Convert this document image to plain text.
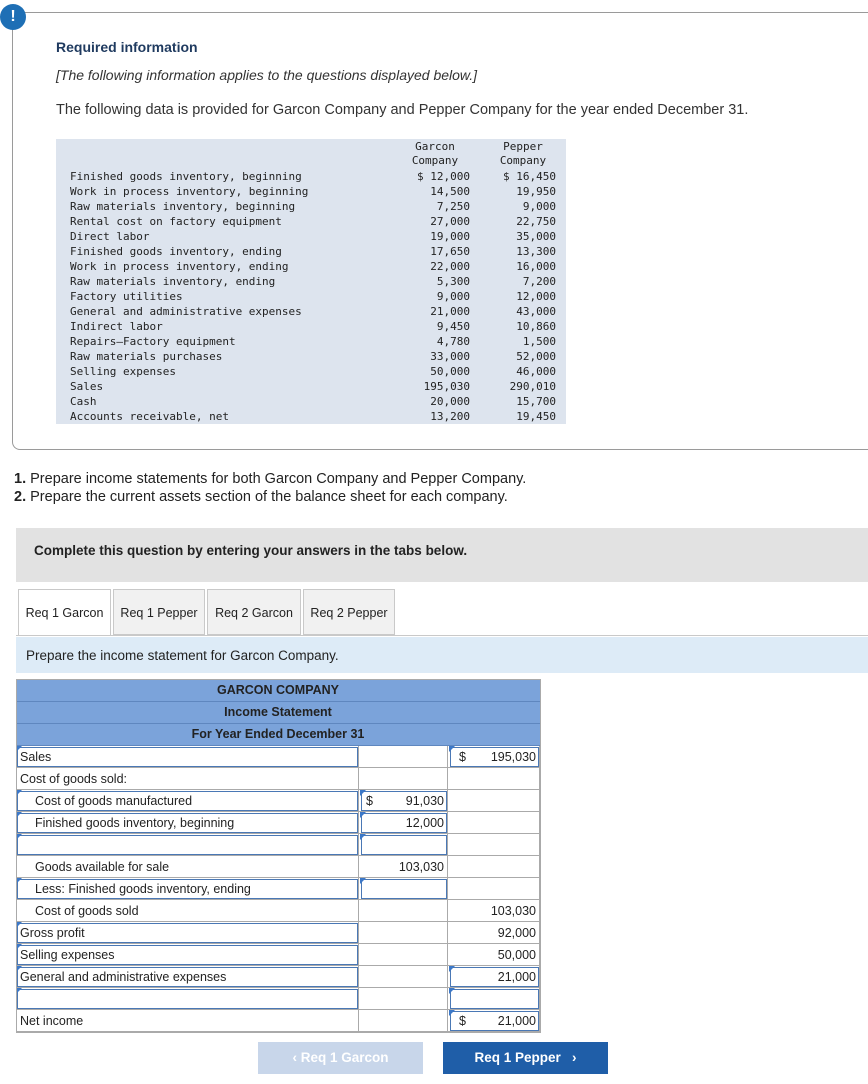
!
Required information
[The following information applies to the questions displayed below.]
The following data is provided for Garcon Company and Pepper Company for the year ended December 31.
Garcon
Company
Pepper
Company
Finished goods inventory, beginning	$ 12,000	$ 16,450
Work in process inventory, beginning	14,500	19,950
Raw materials inventory, beginning	7,250	9,000
Rental cost on factory equipment	27,000	22,750
Direct labor	19,000	35,000
Finished goods inventory, ending	17,650	13,300
Work in process inventory, ending	22,000	16,000
Raw materials inventory, ending	5,300	7,200
Factory utilities	9,000	12,000
General and administrative expenses	21,000	43,000
Indirect labor	9,450	10,860
Repairs—Factory equipment	4,780	1,500
Raw materials purchases	33,000	52,000
Selling expenses	50,000	46,000
Sales	195,030	290,010
Cash	20,000	15,700
Accounts receivable, net	13,200	19,450
1. Prepare income statements for both Garcon Company and Pepper Company.
2. Prepare the current assets section of the balance sheet for each company.
Complete this question by entering your answers in the tabs below.
Req 1 Garcon	Req 1 Pepper	Req 2 Garcon	Req 2 Pepper
Prepare the income statement for Garcon Company.
GARCON COMPANY
Income Statement
For Year Ended December 31
Sales	$ 195,030
Cost of goods sold:
Cost of goods manufactured	$	91,030
Finished goods inventory, beginning	12,000
Goods available for sale	103,030
Less: Finished goods inventory, ending
Cost of goods sold	103,030
Gross profit	92,000
Selling expenses	50,000
General and administrative expenses	21,000
Net income	$	21,000
‹ Req 1 Garcon	Req 1 Pepper ›
